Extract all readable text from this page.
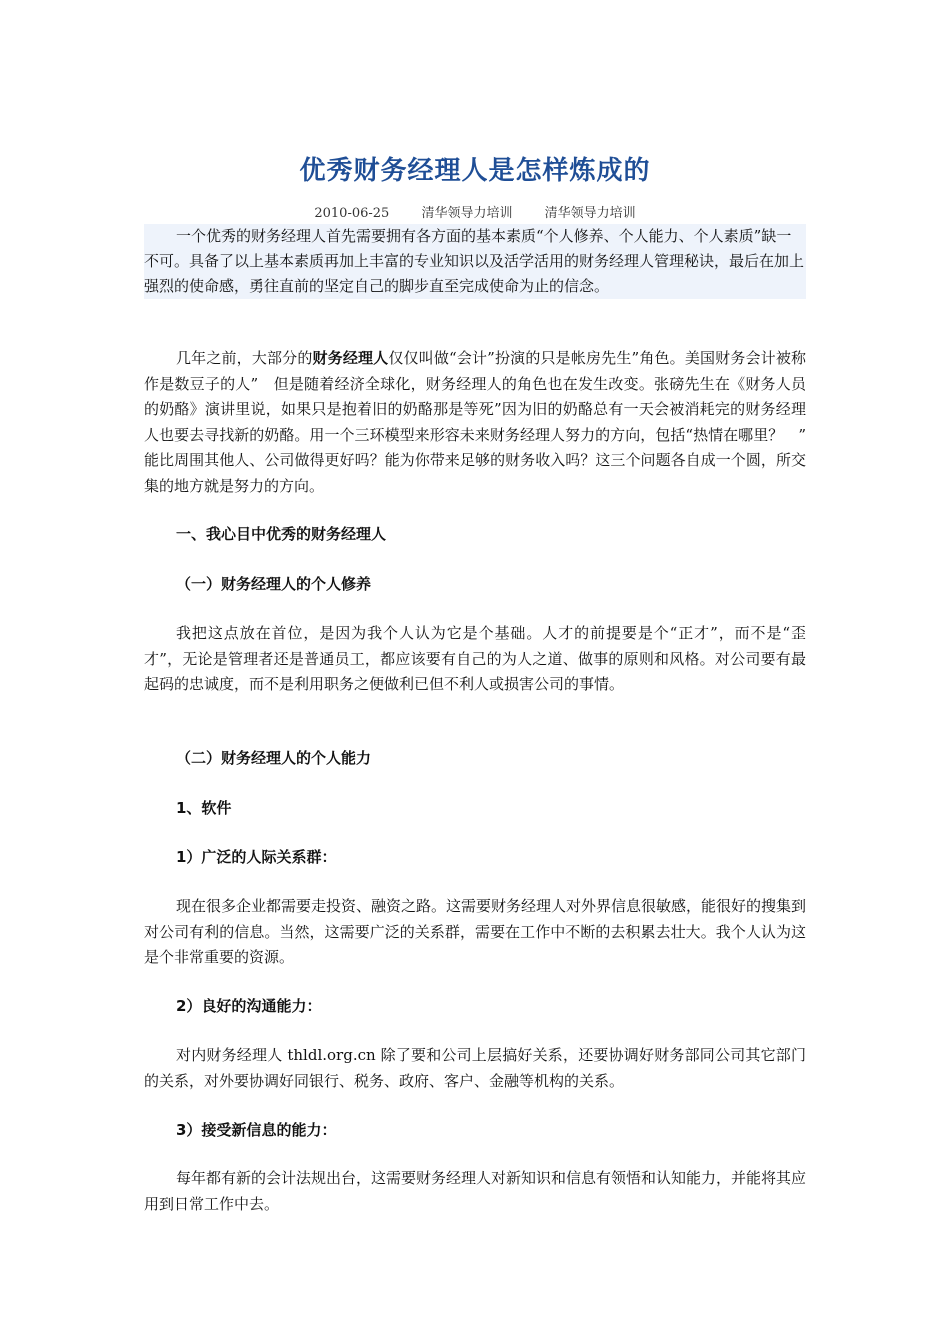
优秀财务经理人是怎样炼成的
2010-06-25 清华领导力培训 清华领导力培训

一个优秀的财务经理人首先需要拥有各方面的基本素质“个人修养、个人能力、个人素质”缺一不可。具备了以上基本素质再加上丰富的专业知识以及活学活用的财务经理人管理秘诀，最后在加上强烈的使命感，勇往直前的坚定自己的脚步直至完成使命为止的信念。

几年之前，大部分的财务经理人仅仅叫做“会计”扮演的只是帐房先生”角色。美国财务会计被称作是数豆子的人”　但是随着经济全球化，财务经理人的角色也在发生改变。张磅先生在《财务人员的奶酪》演讲里说，如果只是抱着旧的奶酪那是等死”因为旧的奶酪总有一天会被消耗完的财务经理人也要去寻找新的奶酪。用一个三环模型来形容未来财务经理人努力的方向，包括“热情在哪里？　”　能比周围其他人、公司做得更好吗？能为你带来足够的财务收入吗？这三个问题各自成一个圆，所交集的地方就是努力的方向。

一、我心目中优秀的财务经理人
（一）财务经理人的个人修养

我把这点放在首位，是因为我个人认为它是个基础。人才的前提要是个“正才”，而不是“歪才”，无论是管理者还是普通员工，都应该要有自己的为人之道、做事的原则和风格。对公司要有最起码的忠诚度，而不是利用职务之便做利已但不利人或损害公司的事情。

（二）财务经理人的个人能力
1、软件
1）广泛的人际关系群：

现在很多企业都需要走投资、融资之路。这需要财务经理人对外界信息很敏感，能很好的搜集到对公司有利的信息。当然，这需要广泛的关系群，需要在工作中不断的去积累去壮大。我个人认为这是个非常重要的资源。

2）良好的沟通能力：

对内财务经理人 thldl.org.cn 除了要和公司上层搞好关系，还要协调好财务部同公司其它部门的关系，对外要协调好同银行、税务、政府、客户、金融等机构的关系。

3）接受新信息的能力：

每年都有新的会计法规出台，这需要财务经理人对新知识和信息有领悟和认知能力，并能将其应用到日常工作中去。
